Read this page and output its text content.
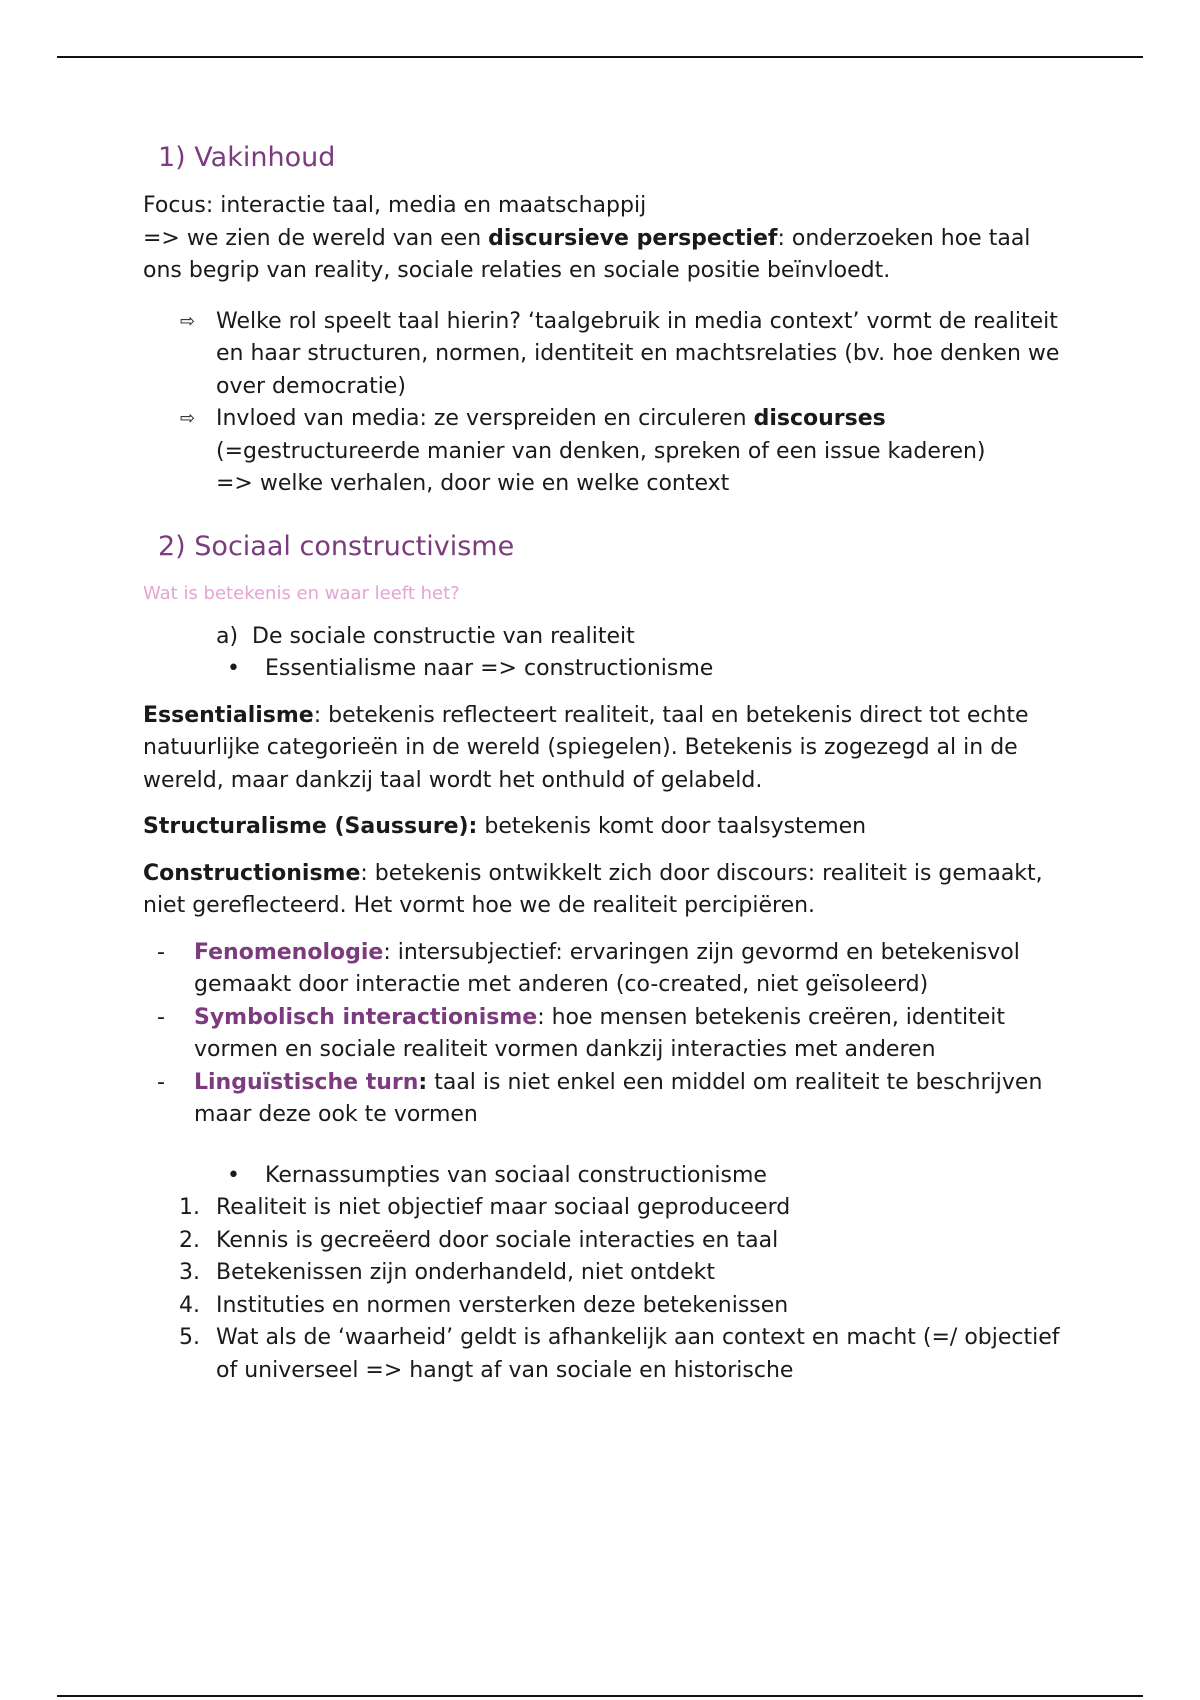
1) Vakinhoud

Focus: interactie taal, media en maatschappij

=> we zien de wereld van een discursieve perspectief: onderzoeken hoe taal ons begrip van reality, sociale relaties en sociale positie beïnvloedt.

⇨ Welke rol speelt taal hierin? ‘taalgebruik in media context’ vormt de realiteit en haar structuren, normen, identiteit en machtsrelaties (bv. hoe denken we over democratie)
⇨ Invloed van media: ze verspreiden en circuleren discourses
(=gestructureerde manier van denken, spreken of een issue kaderen)
=> welke verhalen, door wie en welke context
2) Sociaal constructivisme

Wat is betekenis en waar leeft het?

a) De sociale constructie van realiteit

• Essentialisme naar => constructionisme

Essentialisme: betekenis reflecteert realiteit, taal en betekenis direct tot echte natuurlijke categorieën in de wereld (spiegelen). Betekenis is zogezegd al in de wereld, maar dankzij taal wordt het onthuld of gelabeld.

Structuralisme (Saussure): betekenis komt door taalsystemen

Constructionisme: betekenis ontwikkelt zich door discours: realiteit is gemaakt, niet gereflecteerd. Het vormt hoe we de realiteit percipiëren.

- Fenomenologie: intersubjectief: ervaringen zijn gevormd en betekenisvol gemaakt door interactie met anderen (co-created, niet geïsoleerd)
- Symbolisch interactionisme: hoe mensen betekenis creëren, identiteit vormen en sociale realiteit vormen dankzij interacties met anderen
- Linguïstische turn: taal is niet enkel een middel om realiteit te beschrijven maar deze ook te vormen

• Kernassumpties van sociaal constructionisme

1. Realiteit is niet objectief maar sociaal geproduceerd
2. Kennis is gecreëerd door sociale interacties en taal
3. Betekenissen zijn onderhandeld, niet ontdekt
4. Instituties en normen versterken deze betekenissen
5. Wat als de ‘waarheid’ geldt is afhankelijk aan context en macht (=/ objectief of universeel => hangt af van sociale en historische
